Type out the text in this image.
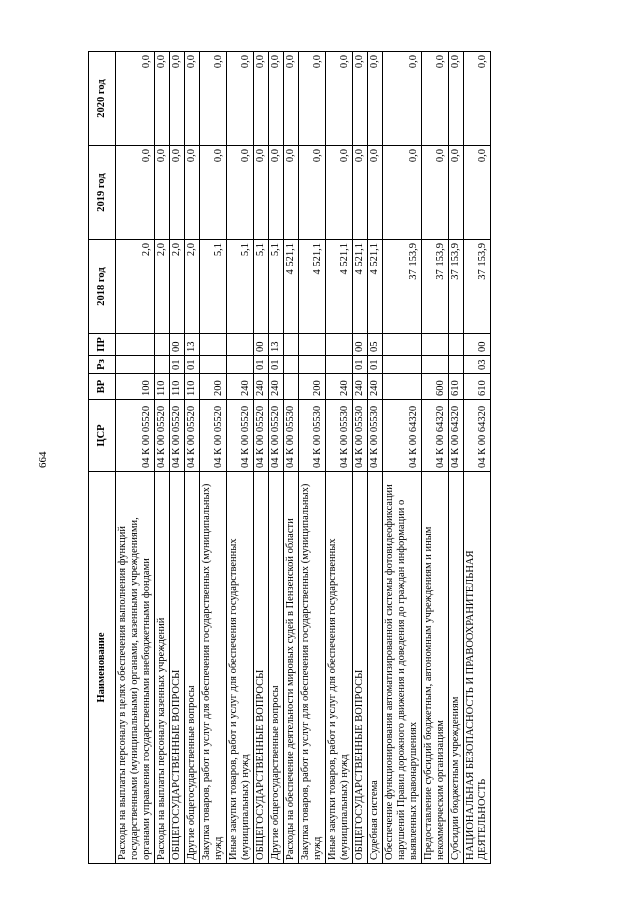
664
Наименование	ЦСР	ВР	Рз	ПР	2018 год	2019 год	2020 год
Расходы на выплаты персоналу в целях обеспечения выполнения функций государственными (муниципальными) органами, казенными учреждениями, органами управления государственными внебюджетными фондами	04 К 00 05520	100			2,0	0,0	0,0
Расходы на выплаты персоналу казенных учреждений	04 К 00 05520	110			2,0	0,0	0,0
ОБЩЕГОСУДАРСТВЕННЫЕ ВОПРОСЫ	04 К 00 05520	110	01	00	2,0	0,0	0,0
Другие общегосударственные вопросы	04 К 00 05520	110	01	13	2,0	0,0	0,0
Закупка товаров, работ и услуг для обеспечения государственных (муниципальных) нужд	04 К 00 05520	200			5,1	0,0	0,0
Иные закупки товаров, работ и услуг для обеспечения государственных (муниципальных) нужд	04 К 00 05520	240			5,1	0,0	0,0
ОБЩЕГОСУДАРСТВЕННЫЕ ВОПРОСЫ	04 К 00 05520	240	01	00	5,1	0,0	0,0
Другие общегосударственные вопросы	04 К 00 05520	240	01	13	5,1	0,0	0,0
Расходы на обеспечение деятельности мировых судей в Пензенской области	04 К 00 05530				4 521,1	0,0	0,0
Закупка товаров, работ и услуг для обеспечения государственных (муниципальных) нужд	04 К 00 05530	200			4 521,1	0,0	0,0
Иные закупки товаров, работ и услуг для обеспечения государственных (муниципальных) нужд	04 К 00 05530	240			4 521,1	0,0	0,0
ОБЩЕГОСУДАРСТВЕННЫЕ ВОПРОСЫ	04 К 00 05530	240	01	00	4 521,1	0,0	0,0
Судебная система	04 К 00 05530	240	01	05	4 521,1	0,0	0,0
Обеспечение функционирования автоматизированной системы фотовидеофиксации нарушений Правил дорожного движения и доведения до граждан информации о выявленных правонарушениях	04 К 00 64320				37 153,9	0,0	0,0
Предоставление субсидий бюджетным, автономным учреждениям и иным некоммерческим организациям	04 К 00 64320	600			37 153,9	0,0	0,0
Субсидии бюджетным учреждениям	04 К 00 64320	610			37 153,9	0,0	0,0
НАЦИОНАЛЬНАЯ БЕЗОПАСНОСТЬ И ПРАВООХРАНИТЕЛЬНАЯ ДЕЯТЕЛЬНОСТЬ	04 К 00 64320	610	03	00	37 153,9	0,0	0,0
